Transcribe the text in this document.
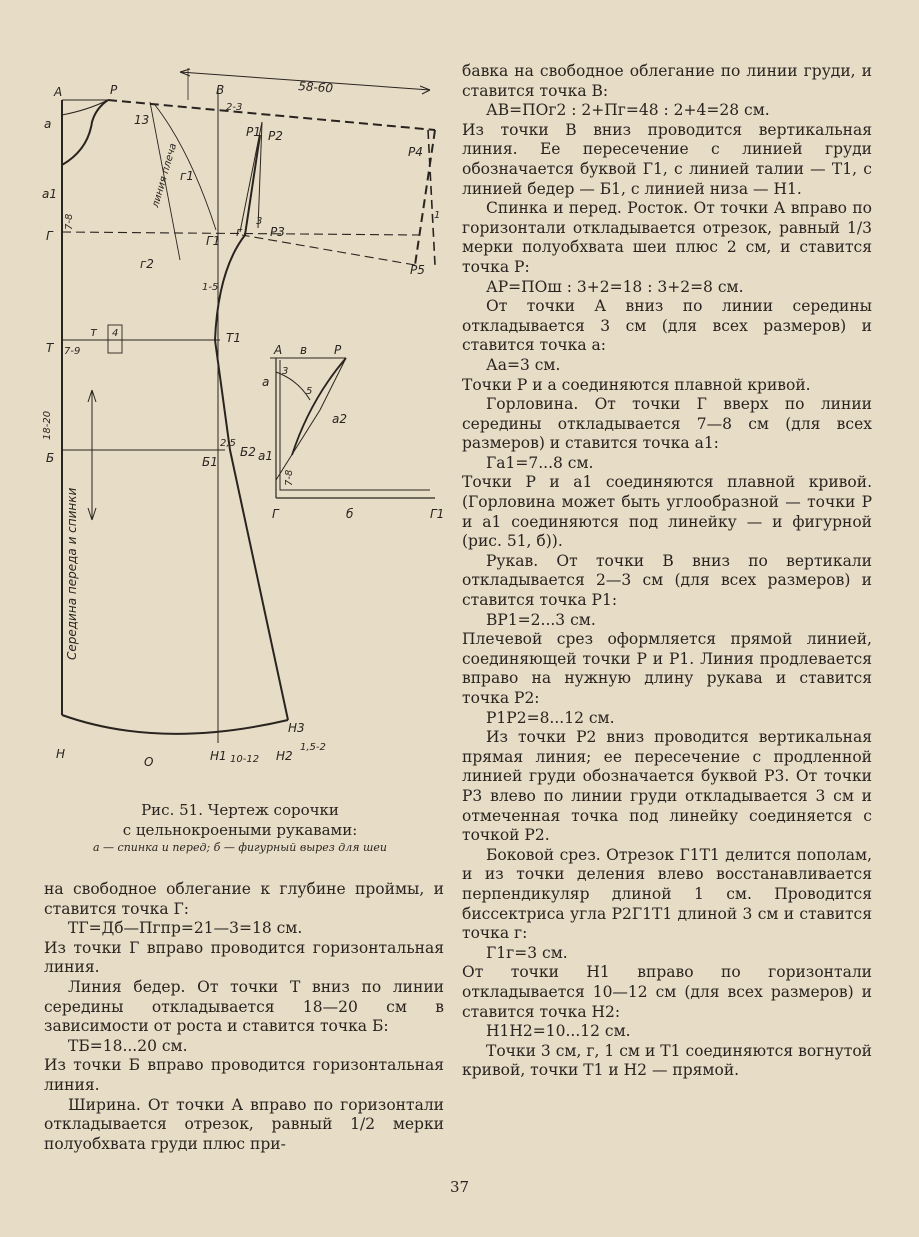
А	Р	В
а
а1
Г
Т
Б
Н
О
Р1 Р2
Р3
Р4
Р5
Г1
Т1
Б1
Б2
Н1	Н2
Н3
г
г1
г2
т
58-60
13
2-3
7-8
1-5
1
3
7-9
4
18-20
2,5
10-12
1,5-2
линия плеча
Середина переда и спинки
А в Р
а
а1
а2
Г	б	Г1
3
5
7-8
Рис. 51. Чертеж сорочки
с цельнокроеными рукавами:
а — спинка и перед; б — фигурный вырез для шеи

на свободное облегание к глубине проймы, и ставится точка Г:

ТГ=Дб—Пгпр=21—3=18 см.

Из точки Г вправо проводится горизонтальная линия.

Линия бедер. От точки Т вниз по линии середины откладывается 18—20 см в зависимости от роста и ставится точка Б:

ТБ=18...20 см.

Из точки Б вправо проводится горизонтальная линия.

Ширина. От точки А вправо по горизонтали откладывается отрезок, равный 1/2 мерки полуобхвата груди плюс при-

бавка на свободное облегание по линии груди, и ставится точка В:

АВ=ПОг2 : 2+Пг=48 : 2+4=28 см.

Из точки В вниз проводится вертикальная линия. Ее пересечение с линией груди обозначается буквой Г1, с линией талии — Т1, с линией бедер — Б1, с линией низа — Н1.

Спинка и перед. Росток. От точки А вправо по горизонтали откладывается отрезок, равный 1/3 мерки полуобхвата шеи плюс 2 см, и ставится точка Р:

АР=ПОш : 3+2=18 : 3+2=8 см.

От точки А вниз по линии середины откладывается 3 см (для всех размеров) и ставится точка а:

Аа=3 см.

Точки Р и а соединяются плавной кривой.

Горловина. От точки Г вверх по линии середины откладывается 7—8 см (для всех размеров) и ставится точка а1:

Га1=7...8 см.

Точки Р и а1 соединяются плавной кривой. (Горловина может быть углообразной — точки Р и а1 соединяются под линейку — и фигурной (рис. 51, б)).

Рукав. От точки В вниз по вертикали откладывается 2—3 см (для всех размеров) и ставится точка Р1:

ВР1=2...3 см.

Плечевой срез оформляется прямой линией, соединяющей точки Р и Р1. Линия продлевается вправо на нужную длину рукава и ставится точка Р2:

Р1Р2=8...12 см.

Из точки Р2 вниз проводится вертикальная прямая линия; ее пересечение с продленной линией груди обозначается буквой Р3. От точки Р3 влево по линии груди откладывается 3 см и отмеченная точка под линейку соединяется с точкой Р2.

Боковой срез. Отрезок Г1Т1 делится пополам, и из точки деления влево восстанавливается перпендикуляр длиной 1 см. Проводится биссектриса угла Р2Г1Т1 длиной 3 см и ставится точка г:

Г1г=3 см.

От точки Н1 вправо по горизонтали откладывается 10—12 см (для всех размеров) и ставится точка Н2:

Н1Н2=10...12 см.

Точки 3 см, г, 1 см и Т1 соединяются вогнутой кривой, точки Т1 и Н2 — прямой.

37
